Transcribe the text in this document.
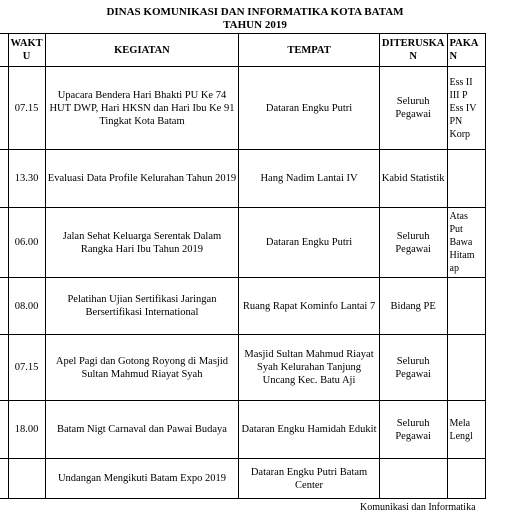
DINAS KOMUNIKASI DAN INFORMATIKA KOTA BATAM
TAHUN 2019
	WAKT
U	KEGIATAN	TEMPAT	DITERUSKA
N	PAKA
N

	07.15	Upacara Bendera Hari Bhakti PU Ke 74 HUT DWP, Hari HKSN dan Hari Ibu Ke 91 Tingkat Kota Batam	Dataran Engku Putri	Seluruh
Pegawai	Ess II
III P
Ess IV
PN
Korp

	13.30	Evaluasi Data Profile Kelurahan Tahun 2019	Hang Nadim Lantai IV	Kabid Statistik	

	06.00	Jalan Sehat Keluarga Serentak Dalam Rangka Hari Ibu Tahun 2019	Dataran Engku Putri	Seluruh
Pegawai	Atas
Put
Bawa
Hitam
ap

	08.00	Pelatihan Ujian Sertifikasi Jaringan Bersertifikasi International	Ruang Rapat Kominfo Lantai 7	Bidang PE	

	07.15	Apel Pagi dan Gotong Royong di Masjid Sultan Mahmud Riayat Syah	Masjid Sultan Mahmud Riayat Syah Kelurahan Tanjung Uncang Kec. Batu Aji	Seluruh
Pegawai	

	18.00	Batam Nigt Carnaval dan Pawai Budaya	Dataran Engku Hamidah Edukit	Seluruh
Pegawai	Mela
Lengl

		Undangan Mengikuti Batam Expo 2019	Dataran Engku Putri Batam Center		
Komunikasi dan Informatika
